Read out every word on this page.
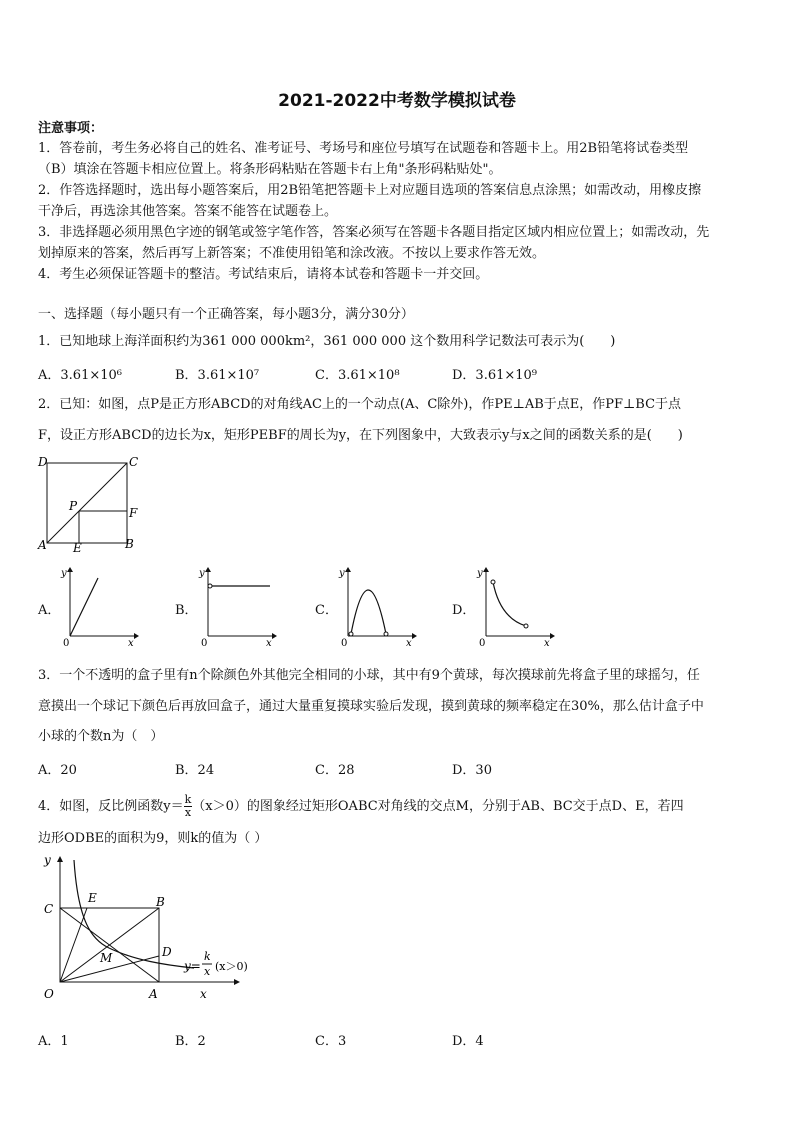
2021-2022中考数学模拟试卷
注意事项：
1．答卷前，考生务必将自己的姓名、准考证号、考场号和座位号填写在试题卷和答题卡上。用2B铅笔将试卷类型
（B）填涂在答题卡相应位置上。将条形码粘贴在答题卡右上角"条形码粘贴处"。
2．作答选择题时，选出每小题答案后，用2B铅笔把答题卡上对应题目选项的答案信息点涂黑；如需改动，用橡皮擦
干净后，再选涂其他答案。答案不能答在试题卷上。
3．非选择题必须用黑色字迹的钢笔或签字笔作答，答案必须写在答题卡各题目指定区域内相应位置上；如需改动，先
划掉原来的答案，然后再写上新答案；不准使用铅笔和涂改液。不按以上要求作答无效。
4．考生必须保证答题卡的整洁。考试结束后，请将本试卷和答题卡一并交回。
一、选择题（每小题只有一个正确答案，每小题3分，满分30分）
1．已知地球上海洋面积约为361 000 000km²，361 000 000 这个数用科学记数法可表示为(　　)
A．3.61×10⁶	B．3.61×10⁷	C．3.61×10⁸	D．3.61×10⁹
2．已知：如图，点P是正方形ABCD的对角线AC上的一个动点(A、C除外)，作PE⊥AB于点E，作PF⊥BC于点
F，设正方形ABCD的边长为x，矩形PEBF的周长为y，在下列图象中，大致表示y与x之间的函数关系的是(　　)
D	C
P	F
A E	B
A．
y
x
0
B．
y
x
0
C．
y
x
0
D．
y
x
0
3．一个不透明的盒子里有n个除颜色外其他完全相同的小球，其中有9个黄球，每次摸球前先将盒子里的球摇匀，任
意摸出一个球记下颜色后再放回盒子，通过大量重复摸球实验后发现，摸到黄球的频率稳定在30%，那么估计盒子中
小球的个数n为（　）
A．20	B．24	C．28	D．30
4．如图，反比例函数$y= \frac{k}{x} (x>0)$的图象经过矩形OABC对角线的交点M，分别于AB、BC交于点D、E，若四
边形ODBE的面积为9，则k的值为（ ）
y
x
O	A
B
C
D
E
M
y=
k
x (x＞0)
A．1	B．2	C．3	D．4
